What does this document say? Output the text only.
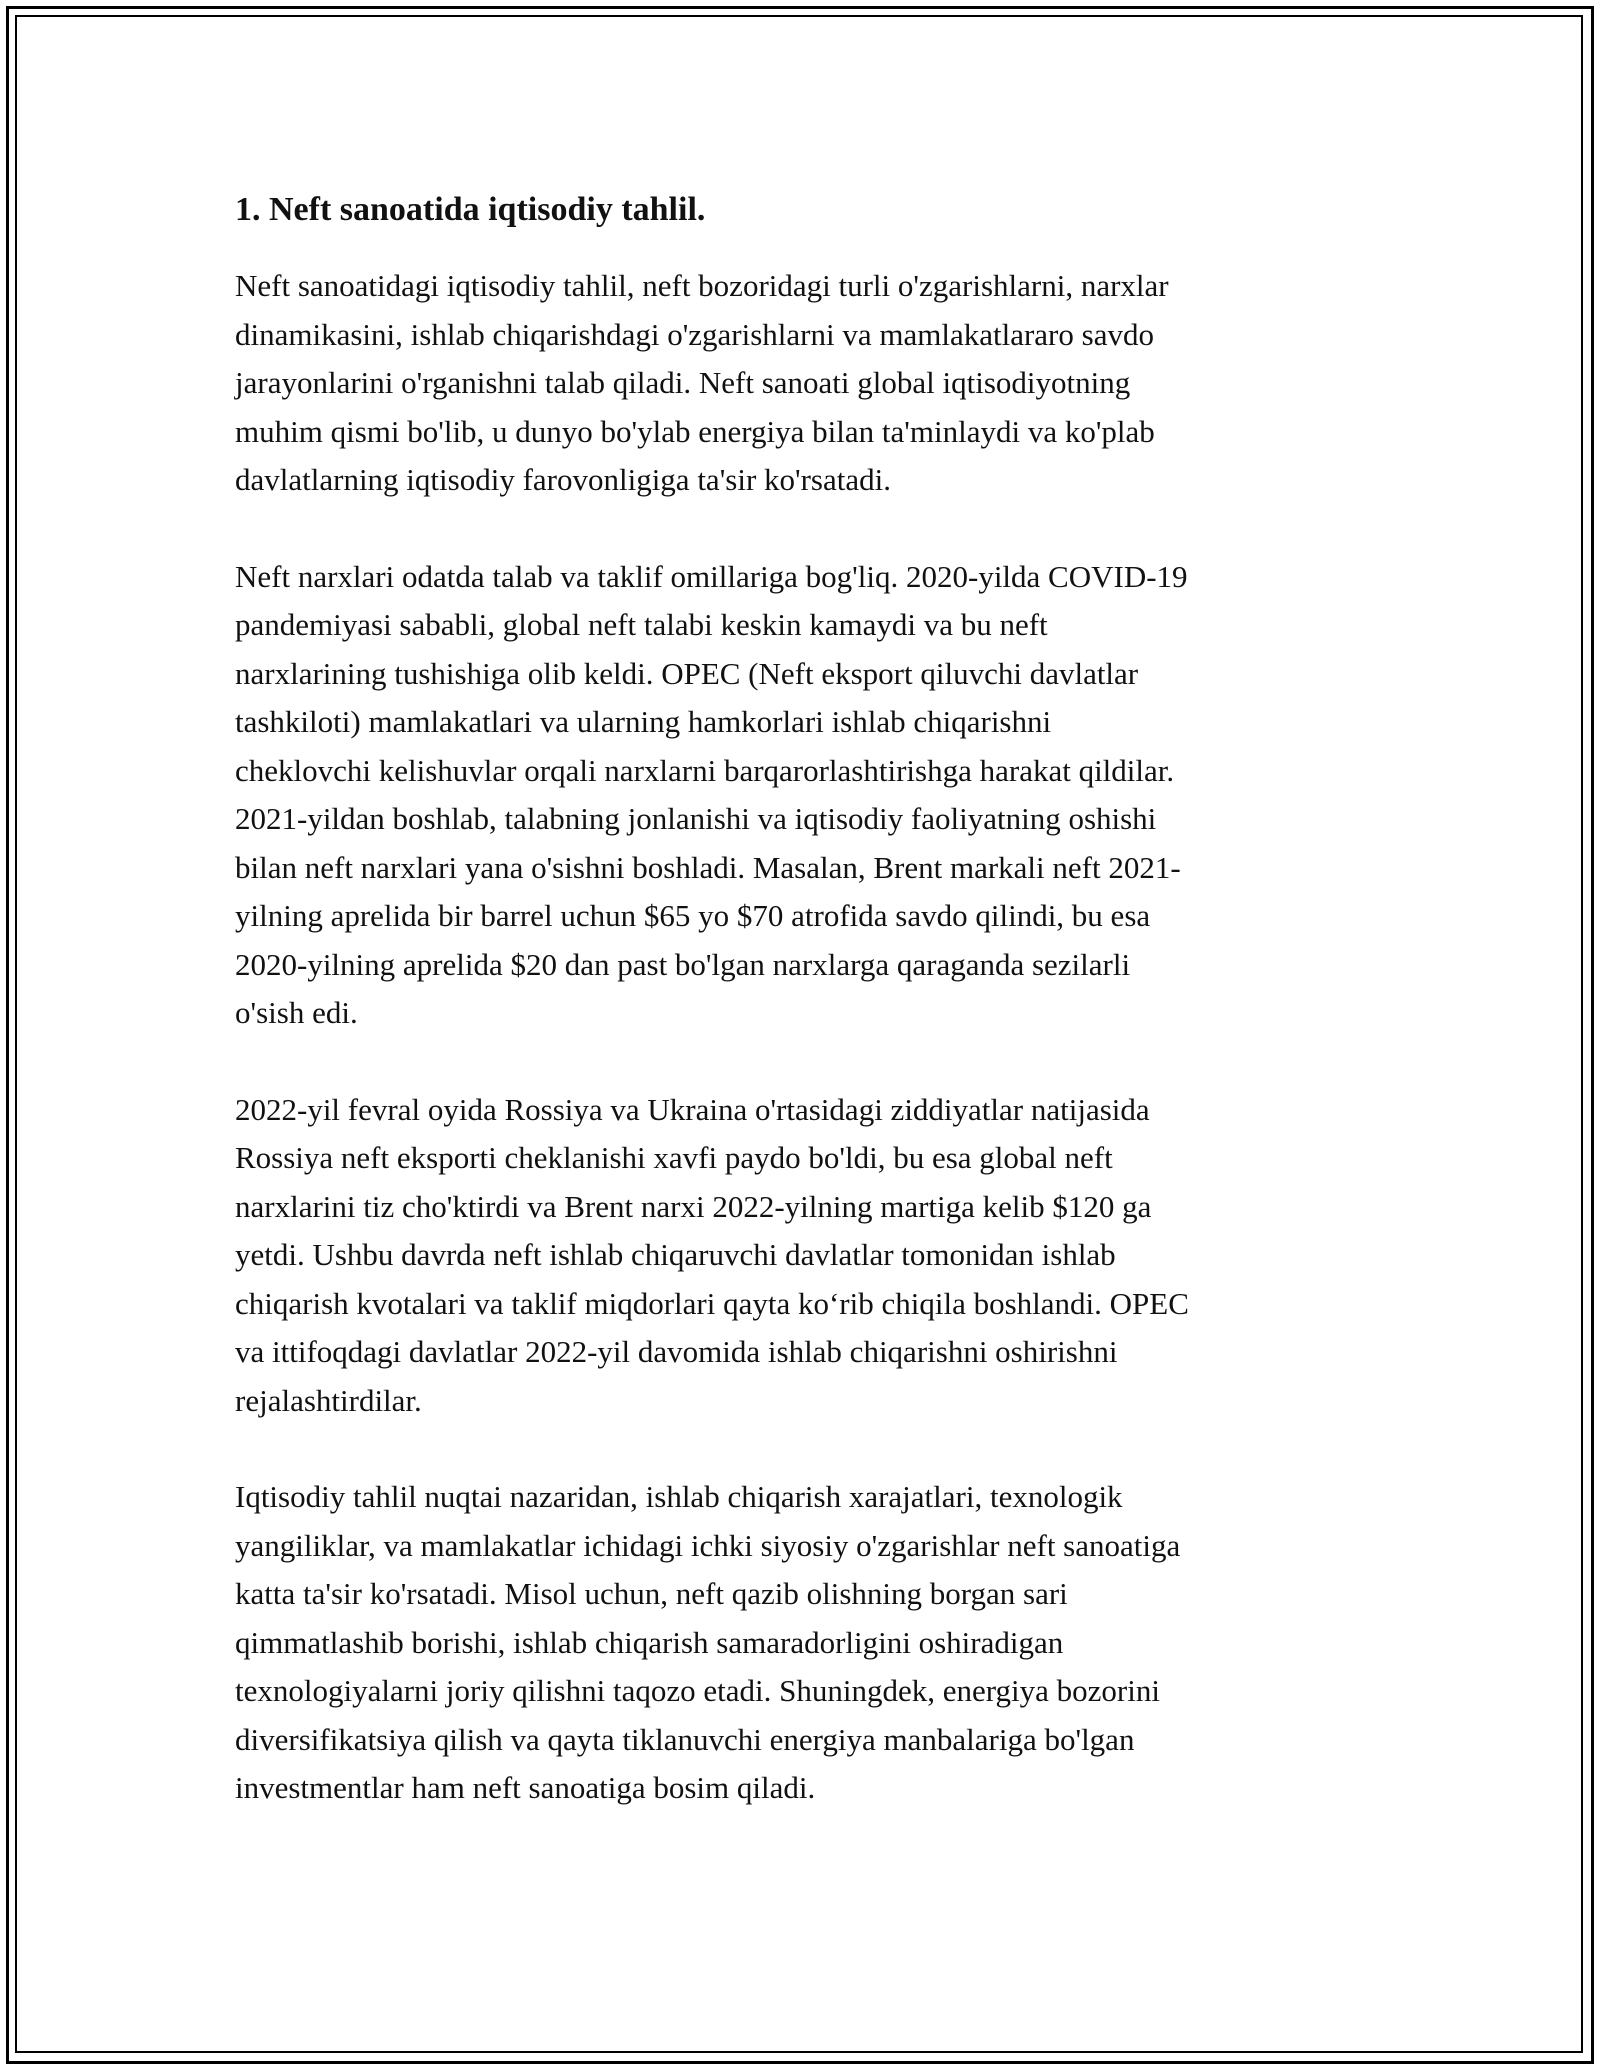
1. Neft sanoatida iqtisodiy tahlil.

Neft sanoatidagi iqtisodiy tahlil, neft bozoridagi turli o'zgarishlarni, narxlar
dinamikasini, ishlab chiqarishdagi o'zgarishlarni va mamlakatlararo savdo
jarayonlarini o'rganishni talab qiladi. Neft sanoati global iqtisodiyotning
muhim qismi bo'lib, u dunyo bo'ylab energiya bilan ta'minlaydi va ko'plab
davlatlarning iqtisodiy farovonligiga ta'sir ko'rsatadi.

Neft narxlari odatda talab va taklif omillariga bog'liq. 2020-yilda COVID-19
pandemiyasi sababli, global neft talabi keskin kamaydi va bu neft
narxlarining tushishiga olib keldi. OPEC (Neft eksport qiluvchi davlatlar
tashkiloti) mamlakatlari va ularning hamkorlari ishlab chiqarishni
cheklovchi kelishuvlar orqali narxlarni barqarorlashtirishga harakat qildilar.
2021-yildan boshlab, talabning jonlanishi va iqtisodiy faoliyatning oshishi
bilan neft narxlari yana o'sishni boshladi. Masalan, Brent markali neft 2021-
yilning aprelida bir barrel uchun $65 yo $70 atrofida savdo qilindi, bu esa
2020-yilning aprelida $20 dan past bo'lgan narxlarga qaraganda sezilarli
o'sish edi.

2022-yil fevral oyida Rossiya va Ukraina o'rtasidagi ziddiyatlar natijasida
Rossiya neft eksporti cheklanishi xavfi paydo bo'ldi, bu esa global neft
narxlarini tiz cho'ktirdi va Brent narxi 2022-yilning martiga kelib $120 ga
yetdi. Ushbu davrda neft ishlab chiqaruvchi davlatlar tomonidan ishlab
chiqarish kvotalari va taklif miqdorlari qayta ko‘rib chiqila boshlandi. OPEC
va ittifoqdagi davlatlar 2022-yil davomida ishlab chiqarishni oshirishni
rejalashtirdilar.

Iqtisodiy tahlil nuqtai nazaridan, ishlab chiqarish xarajatlari, texnologik
yangiliklar, va mamlakatlar ichidagi ichki siyosiy o'zgarishlar neft sanoatiga
katta ta'sir ko'rsatadi. Misol uchun, neft qazib olishning borgan sari
qimmatlashib borishi, ishlab chiqarish samaradorligini oshiradigan
texnologiyalarni joriy qilishni taqozo etadi. Shuningdek, energiya bozorini
diversifikatsiya qilish va qayta tiklanuvchi energiya manbalariga bo'lgan
investmentlar ham neft sanoatiga bosim qiladi.
